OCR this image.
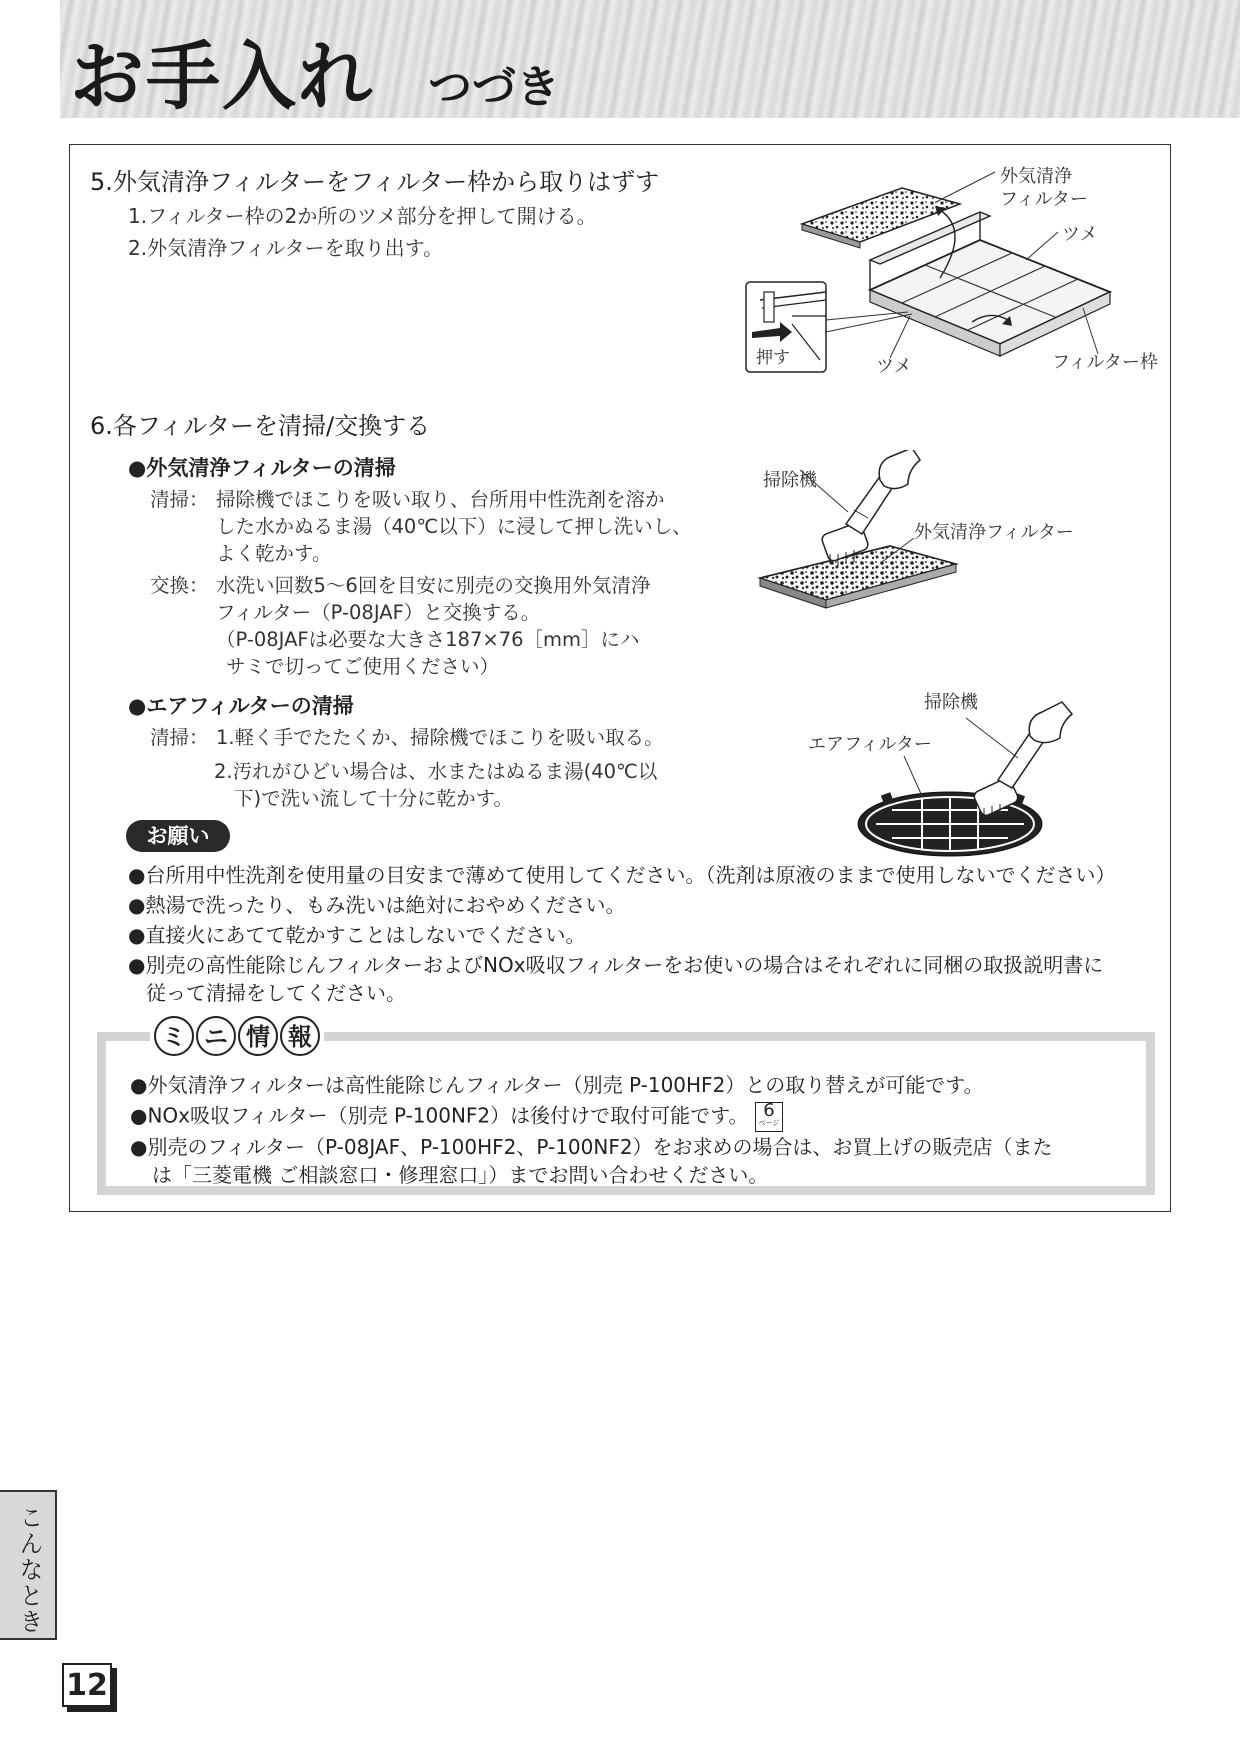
お手入れ つづき
5.外気清浄フィルターをフィルター枠から取りはずす
1.フィルター枠の2か所のツメ部分を押して開ける。
2.外気清浄フィルターを取り出す。
押す
外気清浄
フィルター
ツメ
ツメ	フィルター枠
6.各フィルターを清掃/交換する
●外気清浄フィルターの清掃
清掃： 掃除機でほこりを吸い取り、台所用中性洗剤を溶か
した水かぬるま湯（40℃以下）に浸して押し洗いし、
よく乾かす。
交換： 水洗い回数5～6回を目安に別売の交換用外気清浄
フィルター（P-08JAF）と交換する。
（P-08JAFは必要な大きさ187×76［mm］にハ
サミで切ってご使用ください）
掃除機
外気清浄フィルター
●エアフィルターの清掃
清掃： 1.軽く手でたたくか、掃除機でほこりを吸い取る。
2.汚れがひどい場合は、水またはぬるま湯(40℃以
下)で洗い流して十分に乾かす。
掃除機
エアフィルター
お願い
●台所用中性洗剤を使用量の目安まで薄めて使用してください。（洗剤は原液のままで使用しないでください）
●熱湯で洗ったり、もみ洗いは絶対におやめください。
●直接火にあてて乾かすことはしないでください。
●別売の高性能除じんフィルターおよびNOx吸収フィルターをお使いの場合はそれぞれに同梱の取扱説明書に
従って清掃をしてください。
ミ ニ 情 報
●外気清浄フィルターは高性能除じんフィルター（別売 P-100HF2）との取り替えが可能です。
●NOx吸収フィルター（別売 P-100NF2）は後付けで取付可能です。 6
ページ
●別売のフィルター（P-08JAF、P-100HF2、P-100NF2）をお求めの場合は、お買上げの販売店（また
は「三菱電機 ご相談窓口・修理窓口」）までお問い合わせください。
こんなとき
12
